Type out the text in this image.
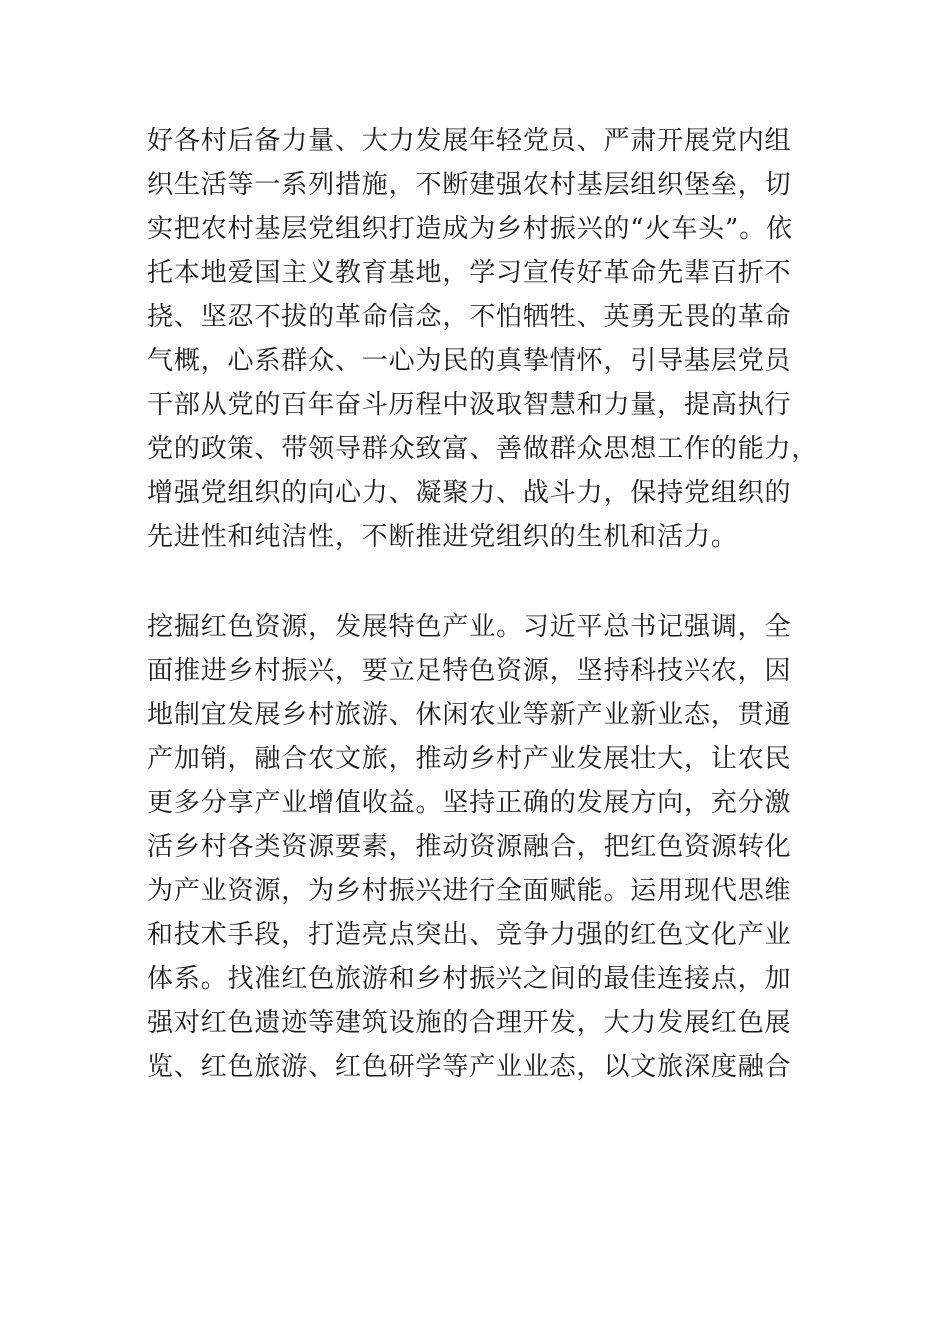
好各村后备力量、大力发展年轻党员、严肃开展党内组
织生活等一系列措施，不断建强农村基层组织堡垒，切
实把农村基层党组织打造成为乡村振兴的“火车头”。依
托本地爱国主义教育基地，学习宣传好革命先辈百折不
挠、坚忍不拔的革命信念，不怕牺牲、英勇无畏的革命
气概，心系群众、一心为民的真挚情怀，引导基层党员
干部从党的百年奋斗历程中汲取智慧和力量，提高执行
党的政策、带领导群众致富、善做群众思想工作的能力，
增强党组织的向心力、凝聚力、战斗力，保持党组织的
先进性和纯洁性，不断推进党组织的生机和活力。
挖掘红色资源，发展特色产业。习近平总书记强调，全
面推进乡村振兴，要立足特色资源，坚持科技兴农，因
地制宜发展乡村旅游、休闲农业等新产业新业态，贯通
产加销，融合农文旅，推动乡村产业发展壮大，让农民
更多分享产业增值收益。坚持正确的发展方向，充分激
活乡村各类资源要素，推动资源融合，把红色资源转化
为产业资源，为乡村振兴进行全面赋能。运用现代思维
和技术手段，打造亮点突出、竞争力强的红色文化产业
体系。找准红色旅游和乡村振兴之间的最佳连接点，加
强对红色遗迹等建筑设施的合理开发，大力发展红色展
览、红色旅游、红色研学等产业业态，以文旅深度融合
